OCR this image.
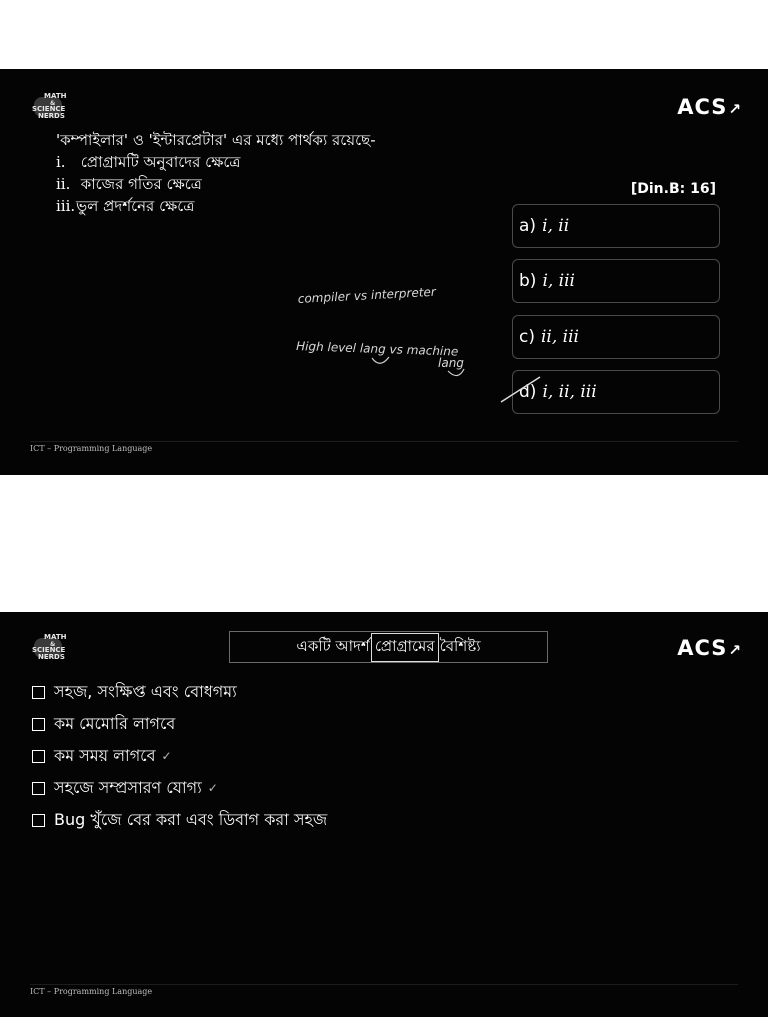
MATH
&
SCIENCE
NERDS	ACS↗
'কম্পাইলার' ও 'ইন্টারপ্রেটার' এর মধ্যে পার্থক্য রয়েছে-
i. প্রোগ্রামটি অনুবাদের ক্ষেত্রে
ii. কাজের গতির ক্ষেত্রে
iii.ভুল প্রদর্শনের ক্ষেত্রে
[Din.B: 16]
a) i, ii
b) i, iii
c) ii, iii
d) i, ii, iii
compiler vs interpreter
High level lang vs machine
lang
ICT – Programming Language
MATH
&
SCIENCE
NERDS	ACS↗
একটি আদর্শ প্রোগ্রামের বৈশিষ্ট্য
সহজ, সংক্ষিপ্ত এবং বোধগম্য
কম মেমোরি লাগবে
কম সময় লাগবে ✓
সহজে সম্প্রসারণ যোগ্য ✓
Bug খুঁজে বের করা এবং ডিবাগ করা সহজ
ICT – Programming Language
